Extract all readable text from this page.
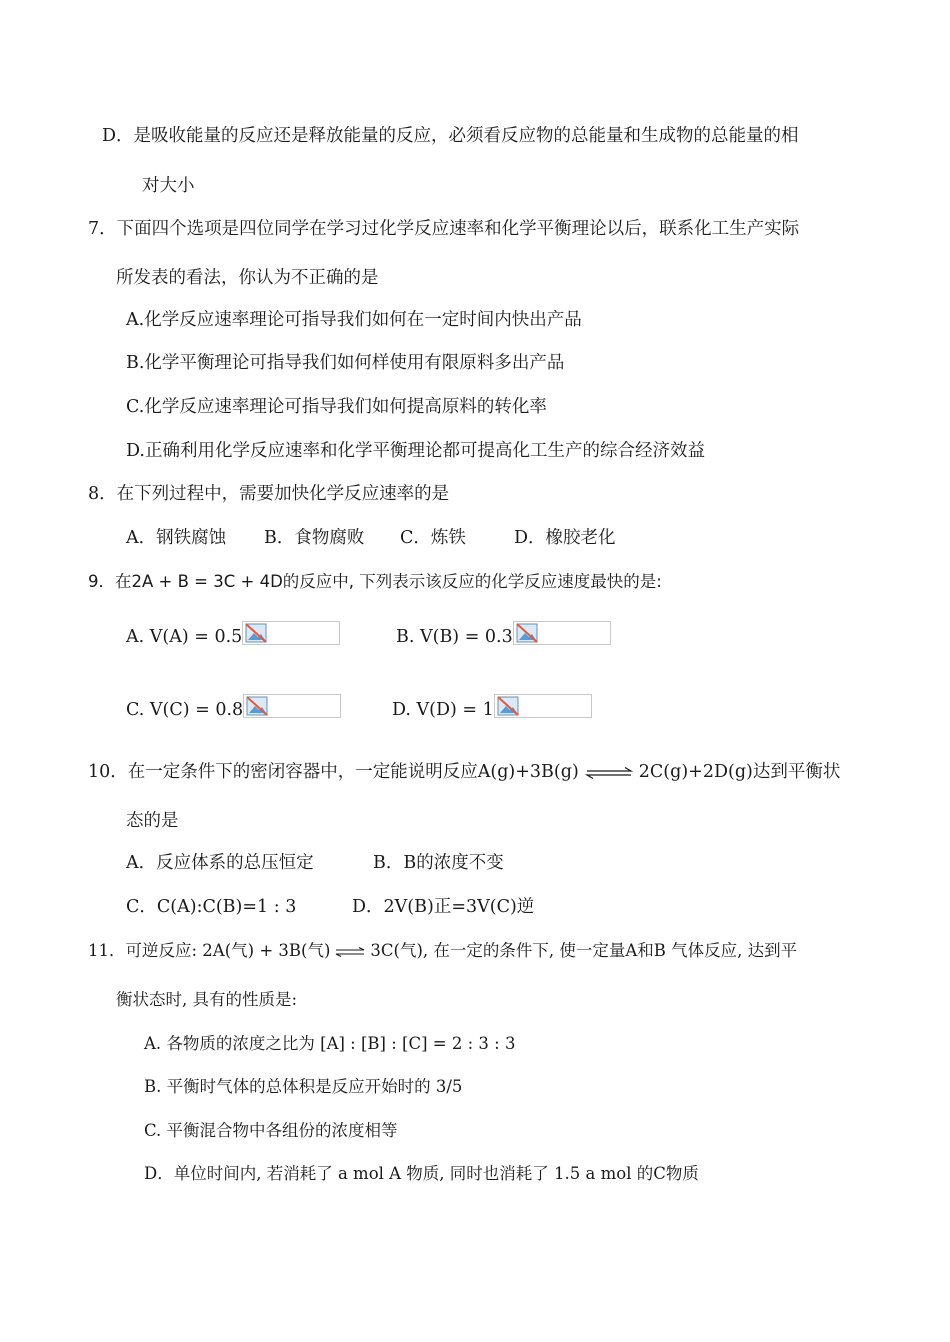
D．是吸收能量的反应还是释放能量的反应，必须看反应物的总能量和生成物的总能量的相
对大小
7．下面四个选项是四位同学在学习过化学反应速率和化学平衡理论以后，联系化工生产实际
所发表的看法，你认为不正确的是
A.化学反应速率理论可指导我们如何在一定时间内快出产品
B.化学平衡理论可指导我们如何样使用有限原料多出产品
C.化学反应速率理论可指导我们如何提高原料的转化率
D.正确利用化学反应速率和化学平衡理论都可提高化工生产的综合经济效益
8．在下列过程中，需要加快化学反应速率的是
A．钢铁腐蚀 B．食物腐败 C．炼铁	D．橡胶老化
9．在2A + B = 3C + 4D的反应中, 下列表示该反应的化学反应速度最快的是:
A. V(A) = 0.5	B. V(B) = 0.3
C. V(C) = 0.8	D. V(D) = 1
10．在一定条件下的密闭容器中，一定能说明反应A(g)+3B(g) ⇌ 2C(g)+2D(g)达到平衡状
态的是
A．反应体系的总压恒定	B．B的浓度不变
C．C(A):C(B)=1 : 3	D．2V(B)正=3V(C)逆
11．可逆反应: 2A(气) + 3B(气) ⇌ 3C(气), 在一定的条件下, 使一定量A和B 气体反应, 达到平
衡状态时, 具有的性质是:
A. 各物质的浓度之比为 [A] : [B] : [C] = 2 : 3 : 3
B. 平衡时气体的总体积是反应开始时的 3/5
C. 平衡混合物中各组份的浓度相等
D．单位时间内, 若消耗了 a mol A 物质, 同时也消耗了 1.5 a mol 的C物质
